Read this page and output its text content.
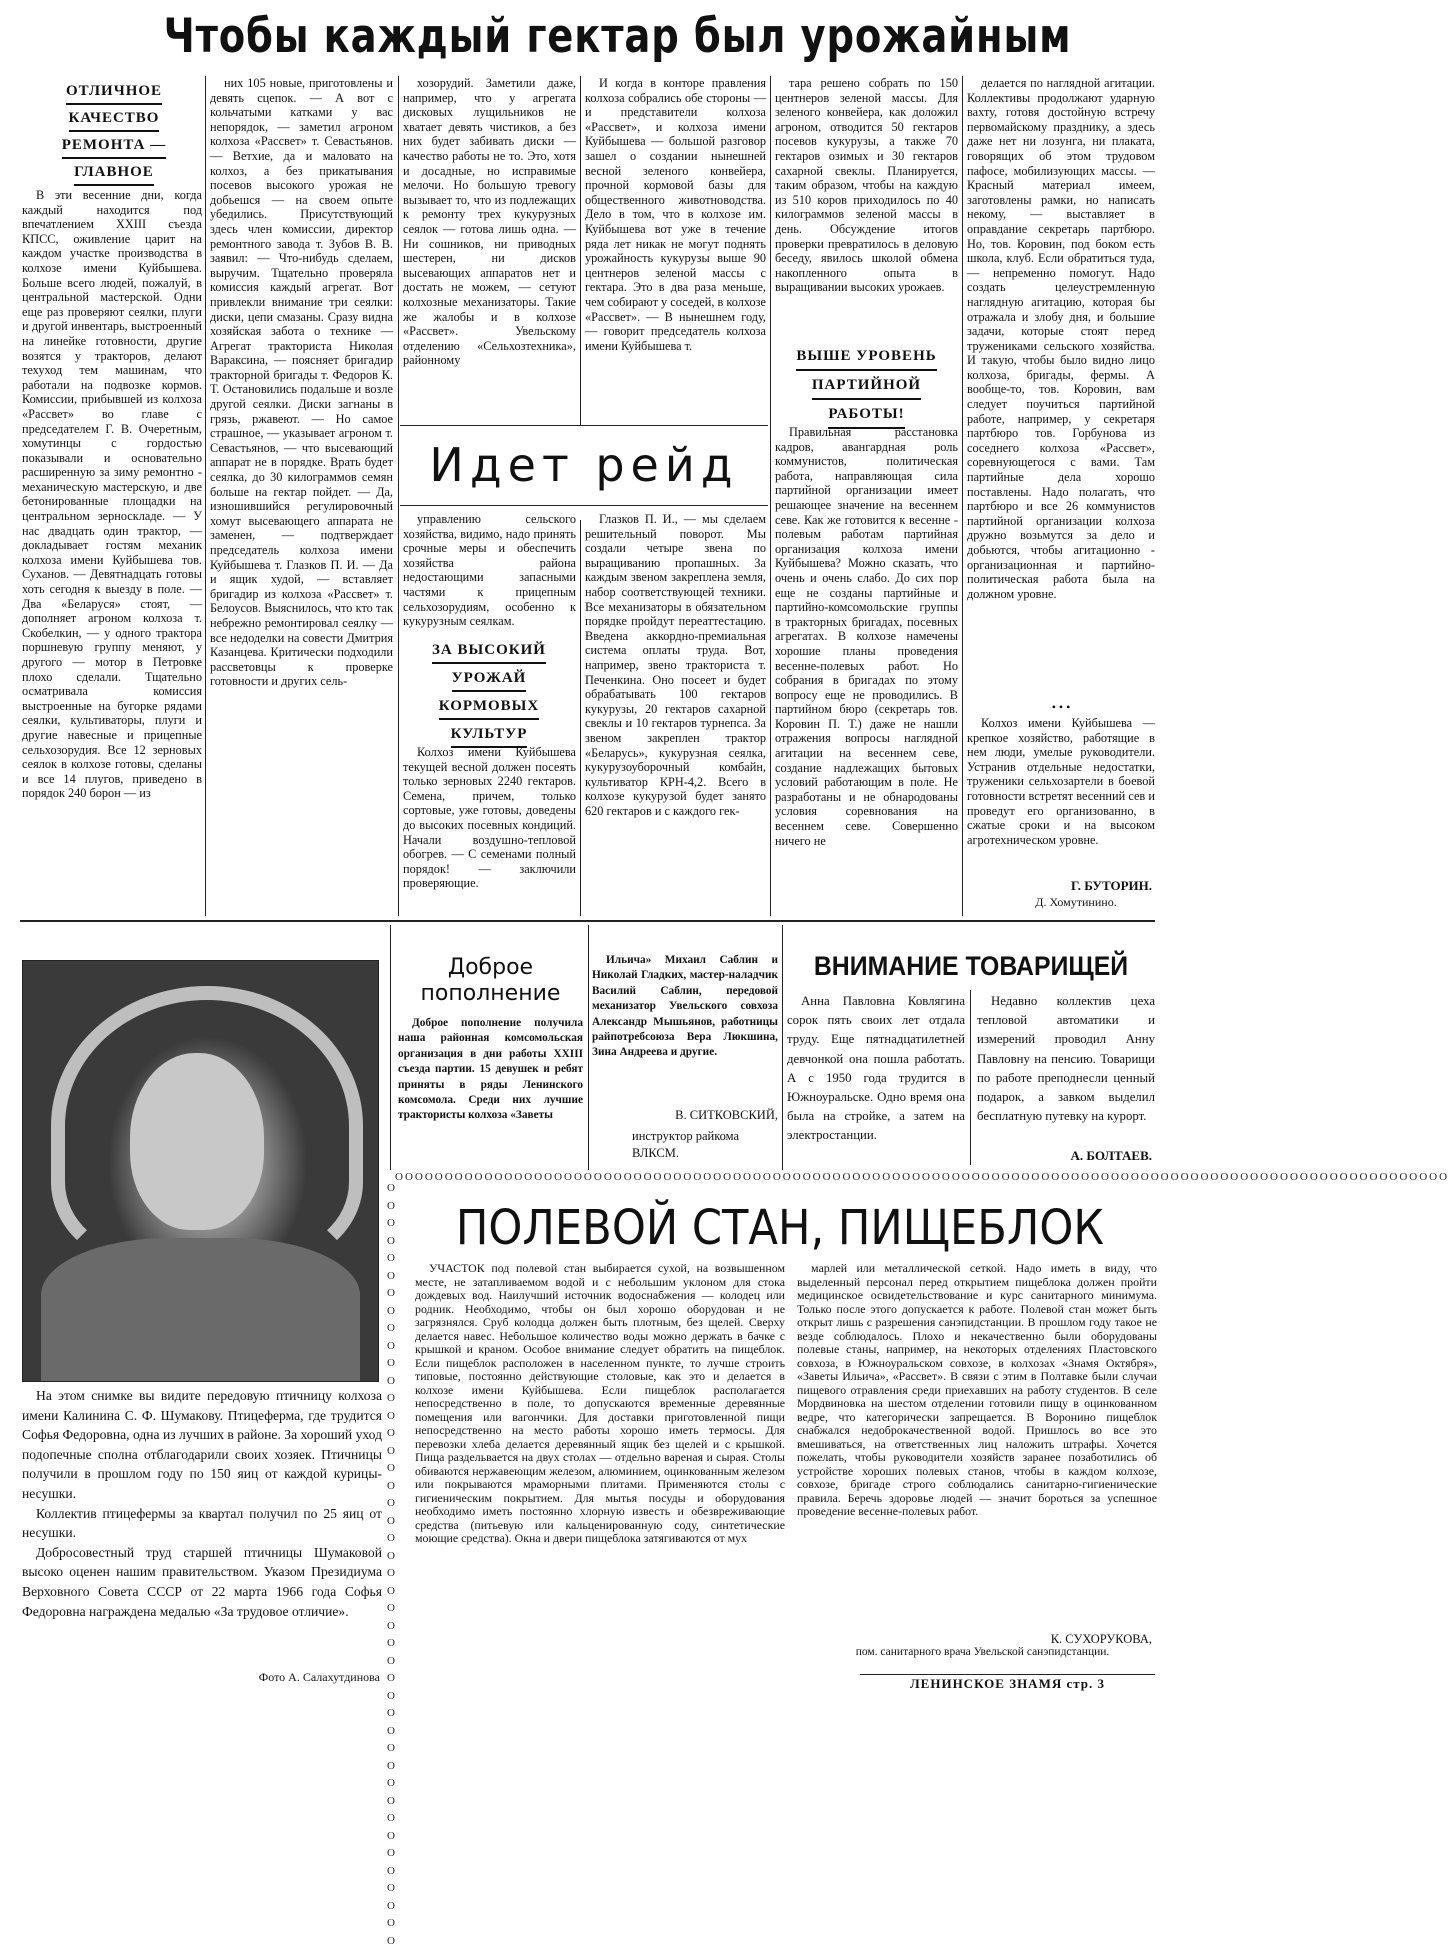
Чтобы каждый гектар был урожайным
ОТЛИЧНОЕ
КАЧЕСТВО
РЕМОНТА —
ГЛАВНОЕ

В эти весенние дни, когда каждый находится под впечатлением XXIII съезда КПСС, оживление царит на каждом участке производства в колхозе имени Куйбышева. Больше всего людей, пожалуй, в центральной мастерской. Одни еще раз проверяют сеялки, плуги и другой инвентарь, выстроенный на линейке готовности, другие возятся у тракторов, делают техуход тем машинам, что работали на подвозке кормов. Комиссии, прибывшей из колхоза «Рассвет» во главе с председателем Г. В. Очеретным, хомутинцы с гордостью показывали и основательно расширенную за зиму ремонтно - механическую мастерскую, и две бетонированные площадки на центральном зерноскладе. — У нас двадцать один трактор, — докладывает гостям механик колхоза имени Куйбышева тов. Суханов. — Девятнадцать готовы хоть сегодня к выезду в поле. — Два «Беларуся» стоят, — дополняет агроном колхоза т. Скобелкин, — у одного трактора поршневую группу меняют, у другого — мотор в Петровке плохо сделали. Тщательно осматривала комиссия выстроенные на бугорке рядами сеялки, культиваторы, плуги и другие навесные и прицепные сельхозорудия. Все 12 зерновых сеялок в колхозе готовы, сделаны и все 14 плугов, приведено в порядок 240 борон — из

них 105 новые, приготовлены и девять сцепок. — А вот с кольчатыми катками у вас непорядок, — заметил агроном колхоза «Рассвет» т. Севастьянов. — Ветхие, да и маловато на колхоз, а без прикатывания посевов высокого урожая не добьешся — на своем опыте убедились. Присутствующий здесь член комиссии, директор ремонтного завода т. Зубов В. В. заявил: — Что-нибудь сделаем, выручим. Тщательно проверяла комиссия каждый агрегат. Вот привлекли внимание три сеялки: диски, цепи смазаны. Сразу видна хозяйская забота о технике — Агрегат тракториста Николая Вараксина, — поясняет бригадир тракторной бригады т. Федоров К. Т. Остановились подальше и возле другой сеялки. Диски загнаны в грязь, ржавеют. — Но самое страшное, — указывает агроном т. Севастьянов, — что высевающий аппарат не в порядке. Врать будет сеялка, до 30 килограммов семян больше на гектар пойдет. — Да, изношившийся регулировочный хомут высевающего аппарата не заменен, — подтверждает председатель колхоза имени Куйбышева т. Глазков П. И. — Да и ящик худой, — вставляет бригадир из колхоза «Рассвет» т. Белоусов. Выяснилось, что кто так небрежно ремонтировал сеялку — все недоделки на совести Дмитрия Казанцева. Критически подходили рассветовцы к проверке готовности и других сель-

хозорудий. Заметили даже, например, что у агрегата дисковых лущильников не хватает девять чистиков, а без них будет забивать диски — качество работы не то. Это, хотя и досадные, но исправимые мелочи. Но большую тревогу вызывает то, что из подлежащих к ремонту трех кукурузных сеялок — готова лишь одна. — Ни сошников, ни приводных шестерен, ни дисков высевающих аппаратов нет и достать не можем, — сетуют колхозные механизаторы. Такие же жалобы и в колхозе «Рассвет». Увельскому отделению «Сельхозтехника», районному

И когда в конторе правления колхоза собрались обе стороны — и представители колхоза «Рассвет», и колхоза имени Куйбышева — большой разговор зашел о создании нынешней весной зеленого конвейера, прочной кормовой базы для общественного животноводства. Дело в том, что в колхозе им. Куйбышева вот уже в течение ряда лет никак не могут поднять урожайность кукурузы выше 90 центнеров зеленой массы с гектара. Это в два раза меньше, чем собирают у соседей, в колхозе «Рассвет». — В нынешнем году, — говорит председатель колхоза имени Куйбышева т.

Идет рейд

управлению сельского хозяйства, видимо, надо принять срочные меры и обеспечить хозяйства района недостающими запасными частями к прицепным сельхозорудиям, особенно к кукурузным сеялкам.

ЗА ВЫСОКИЙ
УРОЖАЙ
КОРМОВЫХ
КУЛЬТУР

Колхоз имени Куйбышева текущей весной должен посеять только зерновых 2240 гектаров. Семена, причем, только сортовые, уже готовы, доведены до высоких посевных кондиций. Начали воздушно-тепловой обогрев. — С семенами полный порядок! — заключили проверяющие.

Глазков П. И., — мы сделаем решительный поворот. Мы создали четыре звена по выращиванию пропашных. За каждым звеном закреплена земля, набор соответствующей техники. Все механизаторы в обязательном порядке пройдут переаттестацию. Введена аккордно-премиальная система оплаты труда. Вот, например, звено тракториста т. Печенкина. Оно посеет и будет обрабатывать 100 гектаров кукурузы, 20 гектаров сахарной свеклы и 10 гектаров турнепса. За звеном закреплен трактор «Беларусь», кукурузная сеялка, кукурузоуборочный комбайн, культиватор КРН-4,2. Всего в колхозе кукурузой будет занято 620 гектаров и с каждого гек-

тара решено собрать по 150 центнеров зеленой массы. Для зеленого конвейера, как доложил агроном, отводится 50 гектаров посевов кукурузы, а также 70 гектаров озимых и 30 гектаров сахарной свеклы. Планируется, таким образом, чтобы на каждую из 510 коров приходилось по 40 килограммов зеленой массы в день. Обсуждение итогов проверки превратилось в деловую беседу, явилось школой обмена накопленного опыта в выращивании высоких урожаев.

ВЫШЕ УРОВЕНЬ
ПАРТИЙНОЙ
РАБОТЫ!

Правильная расстановка кадров, авангардная роль коммунистов, политическая работа, направляющая сила партийной организации имеет решающее значение на весеннем севе. Как же готовится к весенне - полевым работам партийная организация колхоза имени Куйбышева? Можно сказать, что очень и очень слабо. До сих пор еще не созданы партийные и партийно-комсомольские группы в тракторных бригадах, посевных агрегатах. В колхозе намечены хорошие планы проведения весенне-полевых работ. Но собрания в бригадах по этому вопросу еще не проводились. В партийном бюро (секретарь тов. Коровин П. Т.) даже не нашли отражения вопросы наглядной агитации на весеннем севе, создание надлежащих бытовых условий работающим в поле. Не разработаны и не обнародованы условия соревнования на весеннем севе. Совершенно ничего не

делается по наглядной агитации. Коллективы продолжают ударную вахту, готовя достойную встречу первомайскому празднику, а здесь даже нет ни лозунга, ни плаката, говорящих об этом трудовом пафосе, мобилизующих массы. — Красный материал имеем, заготовлены рамки, но написать некому, — выставляет в оправдание секретарь партбюро. Но, тов. Коровин, под боком есть школа, клуб. Если обратиться туда, — непременно помогут. Надо создать целеустремленную наглядную агитацию, которая бы отражала и злобу дня, и большие задачи, которые стоят перед тружениками сельского хозяйства. И такую, чтобы было видно лицо колхоза, бригады, фермы. А вообще-то, тов. Коровин, вам следует поучиться партийной работе, например, у секретаря партбюро тов. Горбунова из соседнего колхоза «Рассвет», соревнующегося с вами. Там партийные дела хорошо поставлены. Надо полагать, что партбюро и все 26 коммунистов партийной организации колхоза дружно возьмутся за дело и добьются, чтобы агитационно - организационная и партийно-политическая работа была на должном уровне.

• • •

Колхоз имени Куйбышева — крепкое хозяйство, работящие в нем люди, умелые руководители. Устранив отдельные недостатки, труженики сельхозартели в боевой готовности встретят весенний сев и проведут его организованно, в сжатые сроки и на высоком агротехническом уровне.

Г. БУТОРИН.
Д. Хомутинино.

На этом снимке вы видите передовую птичницу колхоза имени Калинина С. Ф. Шумакову. Птицеферма, где трудится Софья Федоровна, одна из лучших в районе. За хороший уход подопечные сполна отблагодарили своих хозяек. Птичницы получили в прошлом году по 150 яиц от каждой курицы-несушки.

Коллектив птицефермы за квартал получил по 25 яиц от несушки.

Добросовестный труд старшей птичницы Шумаковой высоко оценен нашим правительством. Указом Президиума Верховного Совета СССР от 22 марта 1966 года Софья Федоровна награждена медалью «За трудовое отличие».

Фото А. Салахутдинова
OOOOOOOOOOOOOOOOOOOOOOOOOOOOOOOOOOOOOOOOOOOO
OOOOOOOOOOOOOOOOOOOOOOOOOOOOOOOOOOOOOOOOOOOOOOOOOOOOOOOOOOOOOOOOOOOOOOOOOOOOOOOOOOOOOOOOOOOOOOOOOOOOOOOOOO
Доброе пополнение

Доброе пополнение получила наша районная комсомольская организация в дни работы XXIII съезда партии. 15 девушек и ребят приняты в ряды Ленинского комсомола. Среди них лучшие трактористы колхоза «Заветы

Ильича» Михаил Саблин и Николай Гладких, мастер-наладчик Василий Саблин, передовой механизатор Увельского совхоза Александр Мышьянов, работницы райпотребсоюза Вера Люкшина, Зина Андреева и другие.

В. СИТКОВСКИЙ,
инструктор райкома ВЛКСМ.
ВНИМАНИЕ ТОВАРИЩЕЙ

Анна Павловна Ковлягина сорок пять своих лет отдала труду. Еще пятнадцатилетней девчонкой она пошла работать. А с 1950 года трудится в Южноуральске. Одно время она была на стройке, а затем на электростанции.

Недавно коллектив цеха тепловой автоматики и измерений проводил Анну Павловну на пенсию. Товарищи по работе преподнесли ценный подарок, а завком выделил бесплатную путевку на курорт.

А. БОЛТАЕВ.
ПОЛЕВОЙ СТАН, ПИЩЕБЛОК

УЧАСТОК под полевой стан выбирается сухой, на возвышенном месте, не затапливаемом водой и с небольшим уклоном для стока дождевых вод. Наилучший источник водоснабжения — колодец или родник. Необходимо, чтобы он был хорошо оборудован и не загрязнялся. Сруб колодца должен быть плотным, без щелей. Сверху делается навес. Небольшое количество воды можно держать в бачке с крышкой и краном. Особое внимание следует обратить на пищеблок. Если пищеблок расположен в населенном пункте, то лучше строить типовые, постоянно действующие столовые, как это и делается в колхозе имени Куйбышева. Если пищеблок располагается непосредственно в поле, то допускаются временные деревянные помещения или вагончики. Для доставки приготовленной пищи непосредственно на место работы хорошо иметь термосы. Для перевозки хлеба делается деревянный ящик без щелей и с крышкой. Пища раздельвается на двух столах — отдельно вареная и сырая. Столы обиваются нержавеющим железом, алюминием, оцинкованным железом или покрываются мраморными плитами. Применяются столы с гигиеническим покрытием. Для мытья посуды и оборудования необходимо иметь постоянно хлорную известь и обезвреживающие средства (питьевую или кальценированную соду, синтетические моющие средства). Окна и двери пищеблока затягиваются от мух

марлей или металлической сеткой. Надо иметь в виду, что выделенный персонал перед открытием пищеблока должен пройти медицинское освидетельствование и курс санитарного минимума. Только после этого допускается к работе. Полевой стан может быть открыт лишь с разрешения санэпидстанции. В прошлом году такое не везде соблюдалось. Плохо и некачественно были оборудованы полевые станы, например, на некоторых отделениях Пластовского совхоза, в Южноуральском совхозе, в колхозах «Знамя Октября», «Заветы Ильича», «Рассвет». В связи с этим в Полтавке были случаи пищевого отравления среди приехавших на работу студентов. В селе Мордвиновка на шестом отделении готовили пищу в оцинкованном ведре, что категорически запрещается. В Воронино пищеблок снабжался недоброкачественной водой. Пришлось во все это вмешиваться, на ответственных лиц наложить штрафы. Хочется пожелать, чтобы руководители хозяйств заранее позаботились об устройстве хороших полевых станов, чтобы в каждом колхозе, совхозе, бригаде строго соблюдались санитарно-гигиенические правила. Беречь здоровье людей — значит бороться за успешное проведение весенне-полевых работ.

К. СУХОРУКОВА,
пом. санитарного врача Увельской санэпидстанции.
ЛЕНИНСКОЕ ЗНАМЯ стр. 3
